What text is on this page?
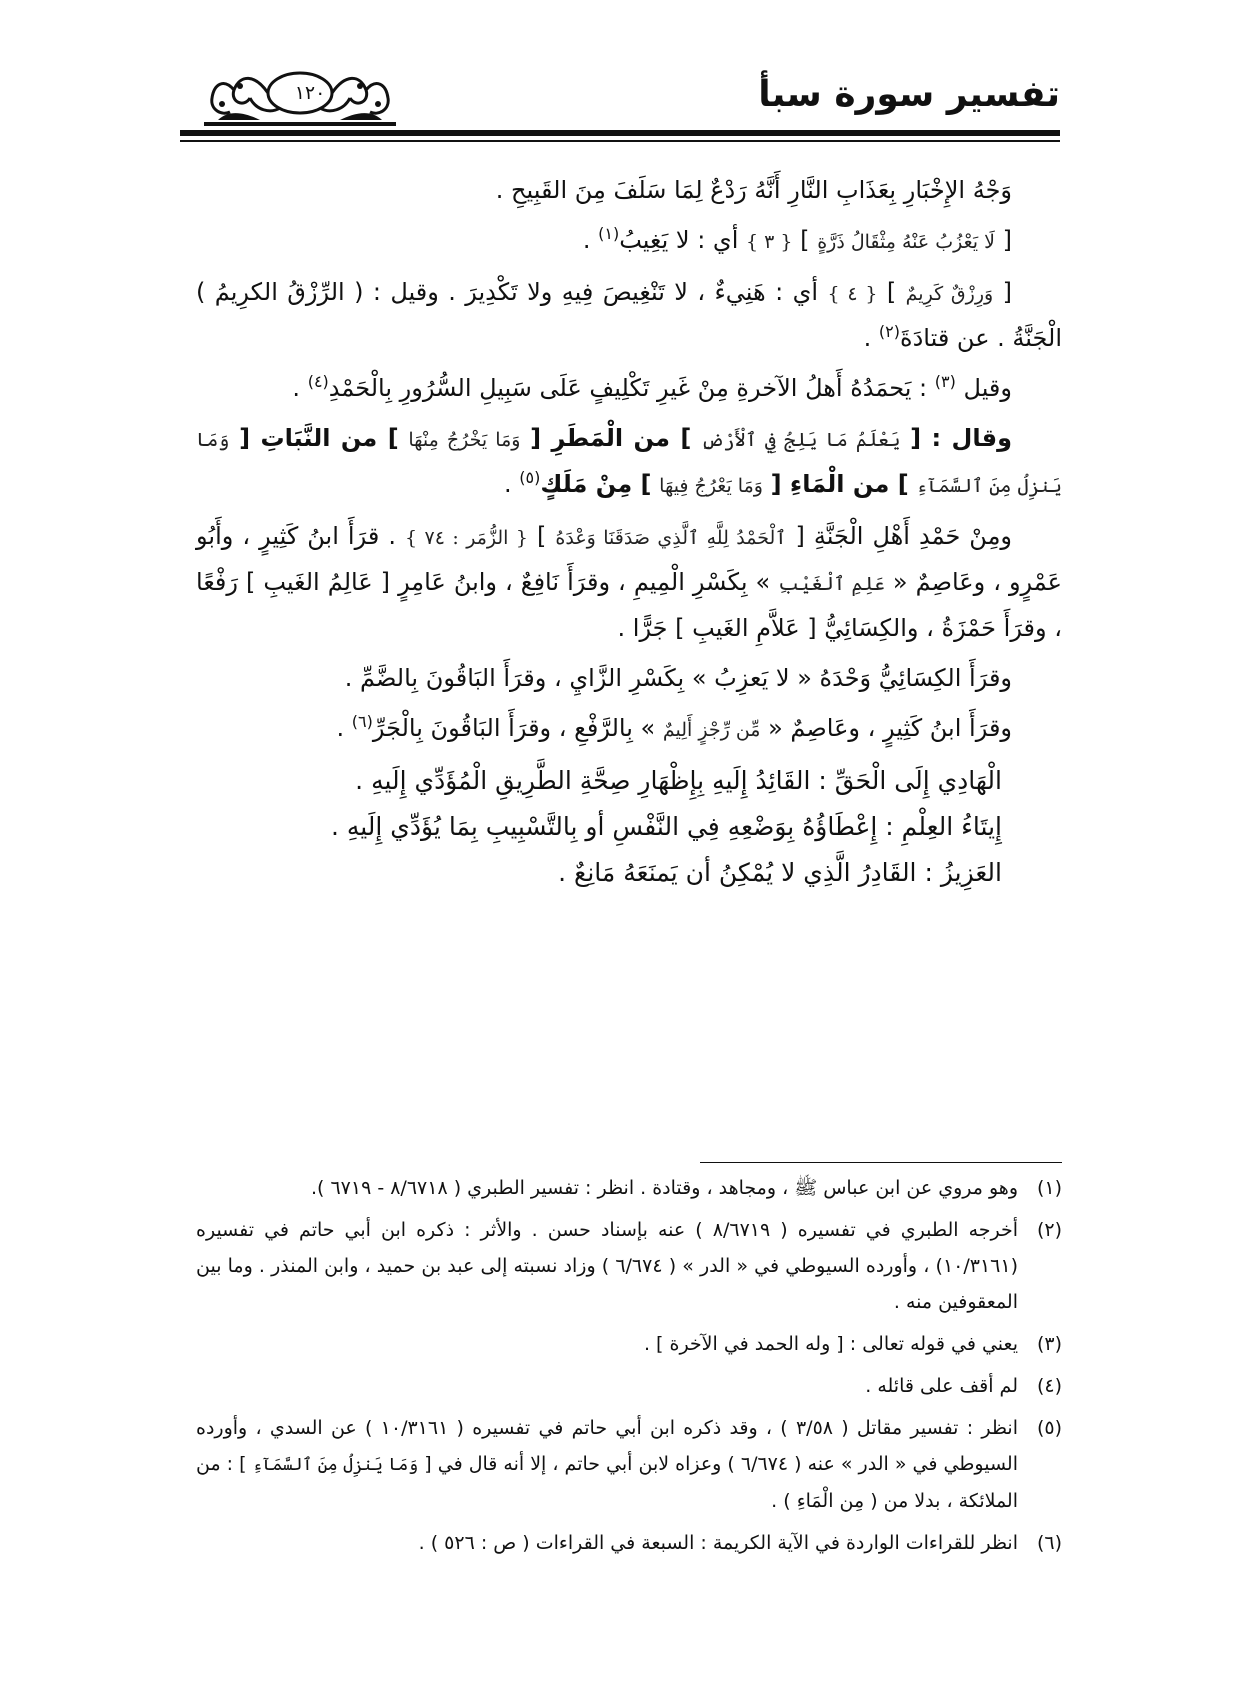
تفسير سورة سبأ
١٢٠

وَجْهُ الإِخْبَارِ بِعَذَابِ النَّارِ أَنَّهُ رَدْعٌ لِمَا سَلَفَ مِنَ القَبِيحِ .

[ لَا يَعْزُبُ عَنْهُ مِثْقَالُ ذَرَّةٍ ] { ٣ } أي : لا يَغِيبُ$^{(١)}$ .

[ وَرِزْقٌ كَرِيمٌ ] { ٤ } أي : هَنِيءٌ ، لا تَنْغِيصَ فِيهِ ولا تَكْدِيرَ . وقيل : ( الرِّزْقُ الكرِيمُ ) الْجَنَّةُ . عن قتادَةَ$^{(٢)}$ .

وقيل $^{(٣)}$ : يَحمَدُهُ أَهلُ الآخرةِ مِنْ غَيرِ تَكْلِيفٍ عَلَى سَبِيلِ السُّرُورِ بِالْحَمْدِ$^{(٤)}$ .

وقال : [ يَعْلَمُ مَا يَلِجُ فِي ٱلْأَرْضِ ] من الْمَطَرِ [ وَمَا يَخْرُجُ مِنْهَا ] من النَّبَاتِ [ وَمَا يَنزِلُ مِنَ ٱلسَّمَآءِ ] من الْمَاءِ [ وَمَا يَعْرُجُ فِيهَا ] مِنْ مَلَكٍ$^{(٥)}$ .

ومِنْ حَمْدِ أَهْلِ الْجَنَّةِ [ ٱلْحَمْدُ لِلَّهِ ٱلَّذِي صَدَقَنَا وَعْدَهُ ] { الزُّمَر : ٧٤ } . قرَأَ ابنُ كَثِيرٍ ، وأَبُو عَمْرٍو ، وعَاصِمٌ « عَلِمِ ٱلْغَيْبِ » بِكَسْرِ الْمِيمِ ، وقرَأَ نَافِعٌ ، وابنُ عَامِرٍ [ عَالِمُ الغَيبِ ] رَفْعًا ، وقرَأَ حَمْزَةُ ، والكِسَائِيُّ [ عَلاَّمِ الغَيبِ ] جَرًّا .

وقرَأَ الكِسَائِيُّ وَحْدَهُ « لا يَعزِبُ » بِكَسْرِ الزَّايِ ، وقرَأَ البَاقُونَ بِالضَّمِّ .

وقرَأَ ابنُ كَثِيرٍ ، وعَاصِمٌ « مِّن رِّجْزٍ أَلِيمٌ » بِالرَّفْعِ ، وقرَأَ البَاقُونَ بِالْجَرِّ$^{(٦)}$ .

الْهَادِي إِلَى الْحَقِّ : القَائِدُ إِلَيهِ بِإِظْهَارِ صِحَّةِ الطَّرِيقِ الْمُؤَدِّي إِلَيهِ .

إِيتَاءُ العِلْمِ : إِعْطَاؤُهُ بِوَضْعِهِ فِي النَّفْسِ أو بِالتَّسْبِيبِ بِمَا يُؤَدِّي إِلَيهِ .

العَزِيزُ : القَادِرُ الَّذِي لا يُمْكِنُ أن يَمنَعَهُ مَانِعٌ .

(١)
وهو مروي عن ابن عباس ﷺ ، ومجاهد ، وقتادة . انظر : تفسير الطبري ( ٨/٦٧١٨ - ٦٧١٩ ).
(٢)
أخرجه الطبري في تفسيره ( ٨/٦٧١٩ ) عنه بإسناد حسن . والأثر : ذكره ابن أبي حاتم في تفسيره (١٠/٣١٦١) ، وأورده السيوطي في « الدر » ( ٦/٦٧٤ ) وزاد نسبته إلى عبد بن حميد ، وابن المنذر . وما بين المعقوفين منه .
(٣)
يعني في قوله تعالى : [ وله الحمد في الآخرة ] .
(٤)
لم أقف على قائله .
(٥)
انظر : تفسير مقاتل ( ٣/٥٨ ) ، وقد ذكره ابن أبي حاتم في تفسيره ( ١٠/٣١٦١ ) عن السدي ، وأورده السيوطي في « الدر » عنه ( ٦/٦٧٤ ) وعزاه لابن أبي حاتم ، إلا أنه قال في [ وَمَا يَنزِلُ مِنَ ٱلسَّمَآءِ ] : من الملائكة ، بدلا من ( مِن الْمَاءِ ) .
(٦)
انظر للقراءات الواردة في الآية الكريمة : السبعة في القراءات ( ص : ٥٢٦ ) .
